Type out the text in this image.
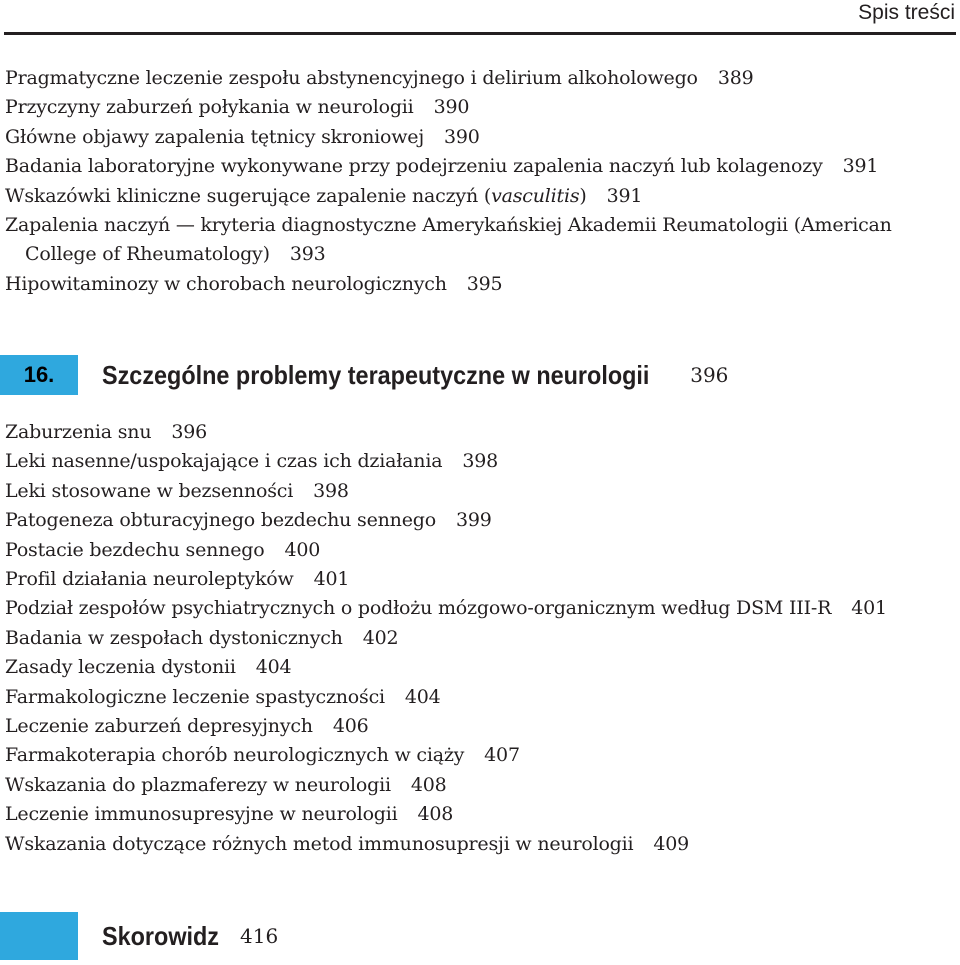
Spis treści

Pragmatyczne leczenie zespołu abstynencyjnego i delirium alkoholowego 389

Przyczyny zaburzeń połykania w neurologii 390

Główne objawy zapalenia tętnicy skroniowej 390

Badania laboratoryjne wykonywane przy podejrzeniu zapalenia naczyń lub kolagenozy 391

Wskazówki kliniczne sugerujące zapalenie naczyń (vasculitis) 391

Zapalenia naczyń — kryteria diagnostyczne Amerykańskiej Akademii Reumatologii (American College of Rheumatology) 393

Hipowitaminozy w chorobach neurologicznych 395

16.	Szczególne problemy terapeutyczne w neurologii 396

Zaburzenia snu 396

Leki nasenne/uspokajające i czas ich działania 398

Leki stosowane w bezsenności 398

Patogeneza obturacyjnego bezdechu sennego 399

Postacie bezdechu sennego 400

Profil działania neuroleptyków 401

Podział zespołów psychiatrycznych o podłożu mózgowo-organicznym według DSM III-R 401

Badania w zespołach dystonicznych 402

Zasady leczenia dystonii 404

Farmakologiczne leczenie spastyczności 404

Leczenie zaburzeń depresyjnych 406

Farmakoterapia chorób neurologicznych w ciąży 407

Wskazania do plazmaferezy w neurologii 408

Leczenie immunosupresyjne w neurologii 408

Wskazania dotyczące różnych metod immunosupresji w neurologii 409

Skorowidz 416
